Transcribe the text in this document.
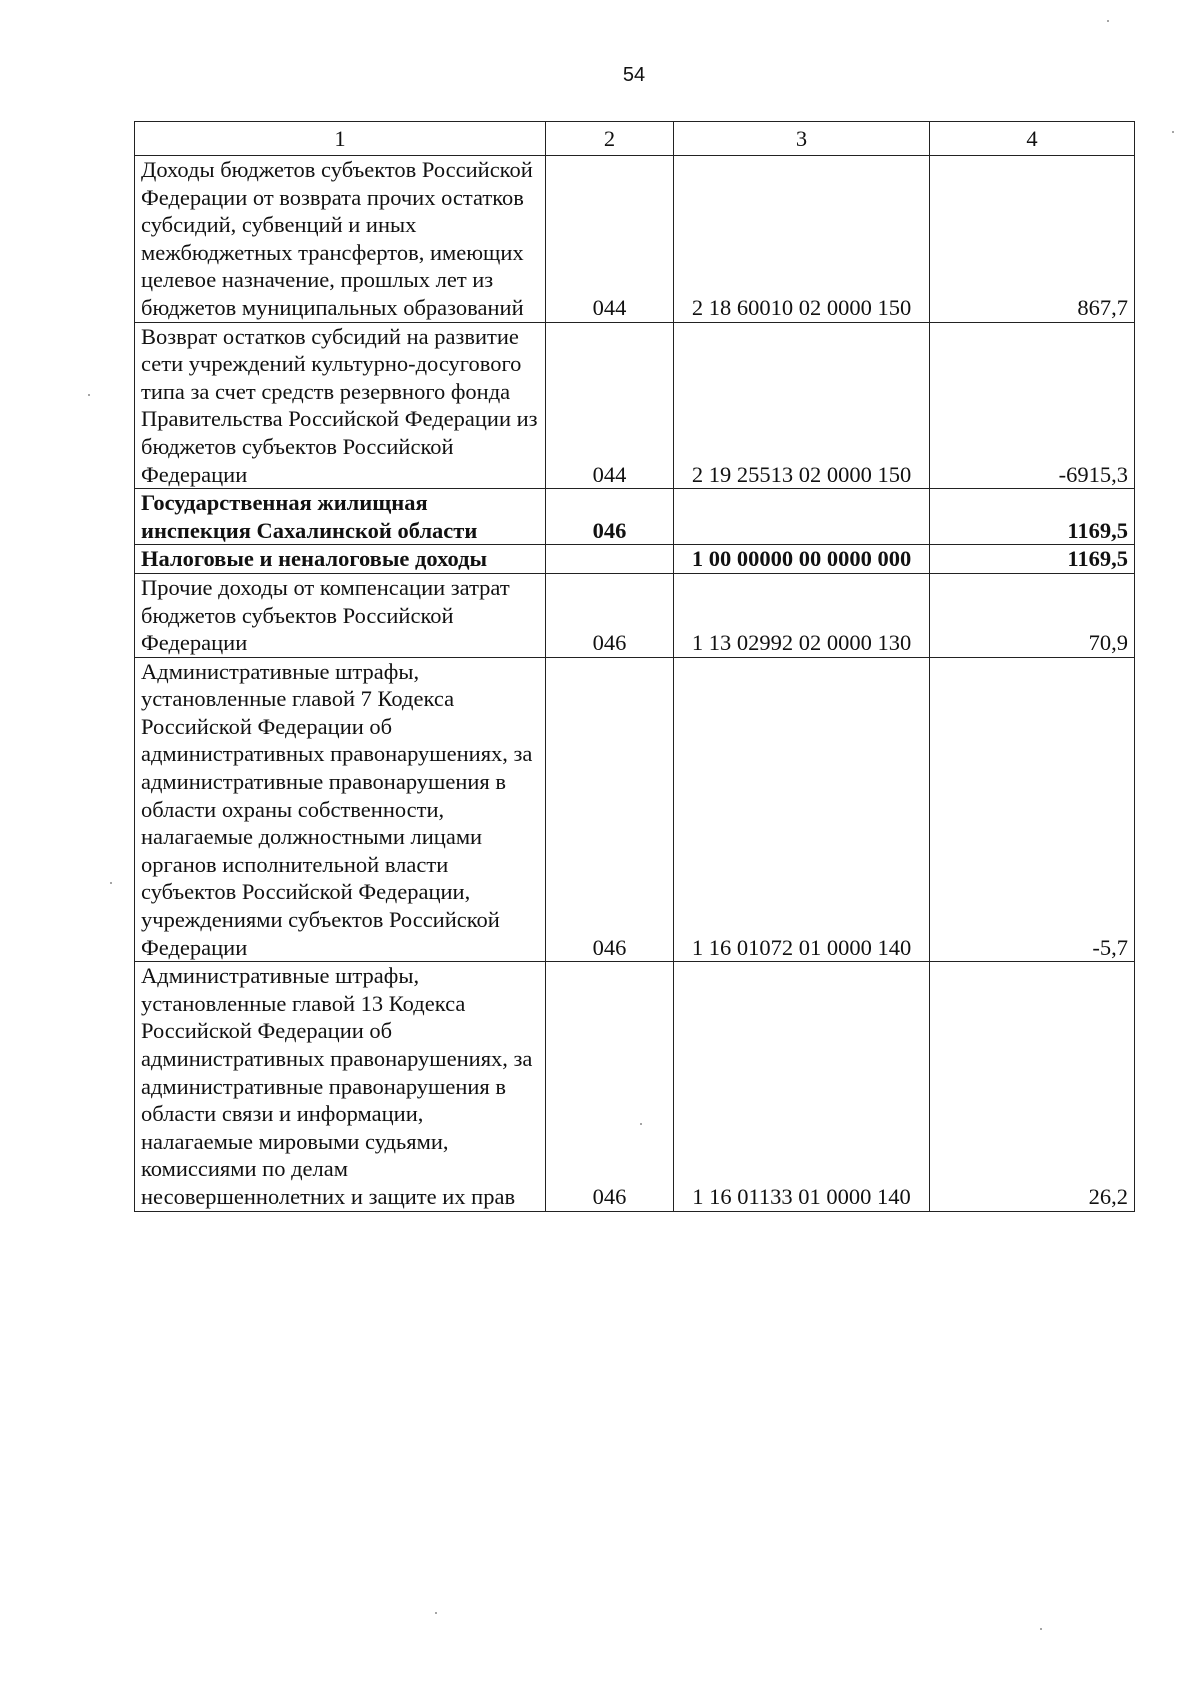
54
1	2	3	4
Доходы бюджетов субъектов Российской Федерации от возврата прочих остатков субсидий, субвенций и иных межбюджетных трансфертов, имеющих целевое назначение, прошлых лет из бюджетов муниципальных образований	044	2 18 60010 02 0000 150	867,7
Возврат остатков субсидий на развитие сети учреждений культурно-досугового типа за счет средств резервного фонда Правительства Российской Федерации из бюджетов субъектов Российской Федерации	044	2 19 25513 02 0000 150	-6915,3
Государственная жилищная инспекция Сахалинской области	046		1169,5
Налоговые и неналоговые доходы		1 00 00000 00 0000 000	1169,5
Прочие доходы от компенсации затрат бюджетов субъектов Российской Федерации	046	1 13 02992 02 0000 130	70,9
Административные штрафы, установленные главой 7 Кодекса Российской Федерации об административных правонарушениях, за административные правонарушения в области охраны собственности, налагаемые должностными лицами органов исполнительной власти субъектов Российской Федерации, учреждениями субъектов Российской Федерации	046	1 16 01072 01 0000 140	-5,7
Административные штрафы, установленные главой 13 Кодекса Российской Федерации об административных правонарушениях, за административные правонарушения в области связи и информации, налагаемые мировыми судьями, комиссиями по делам несовершеннолетних и защите их прав	046	1 16 01133 01 0000 140	26,2
